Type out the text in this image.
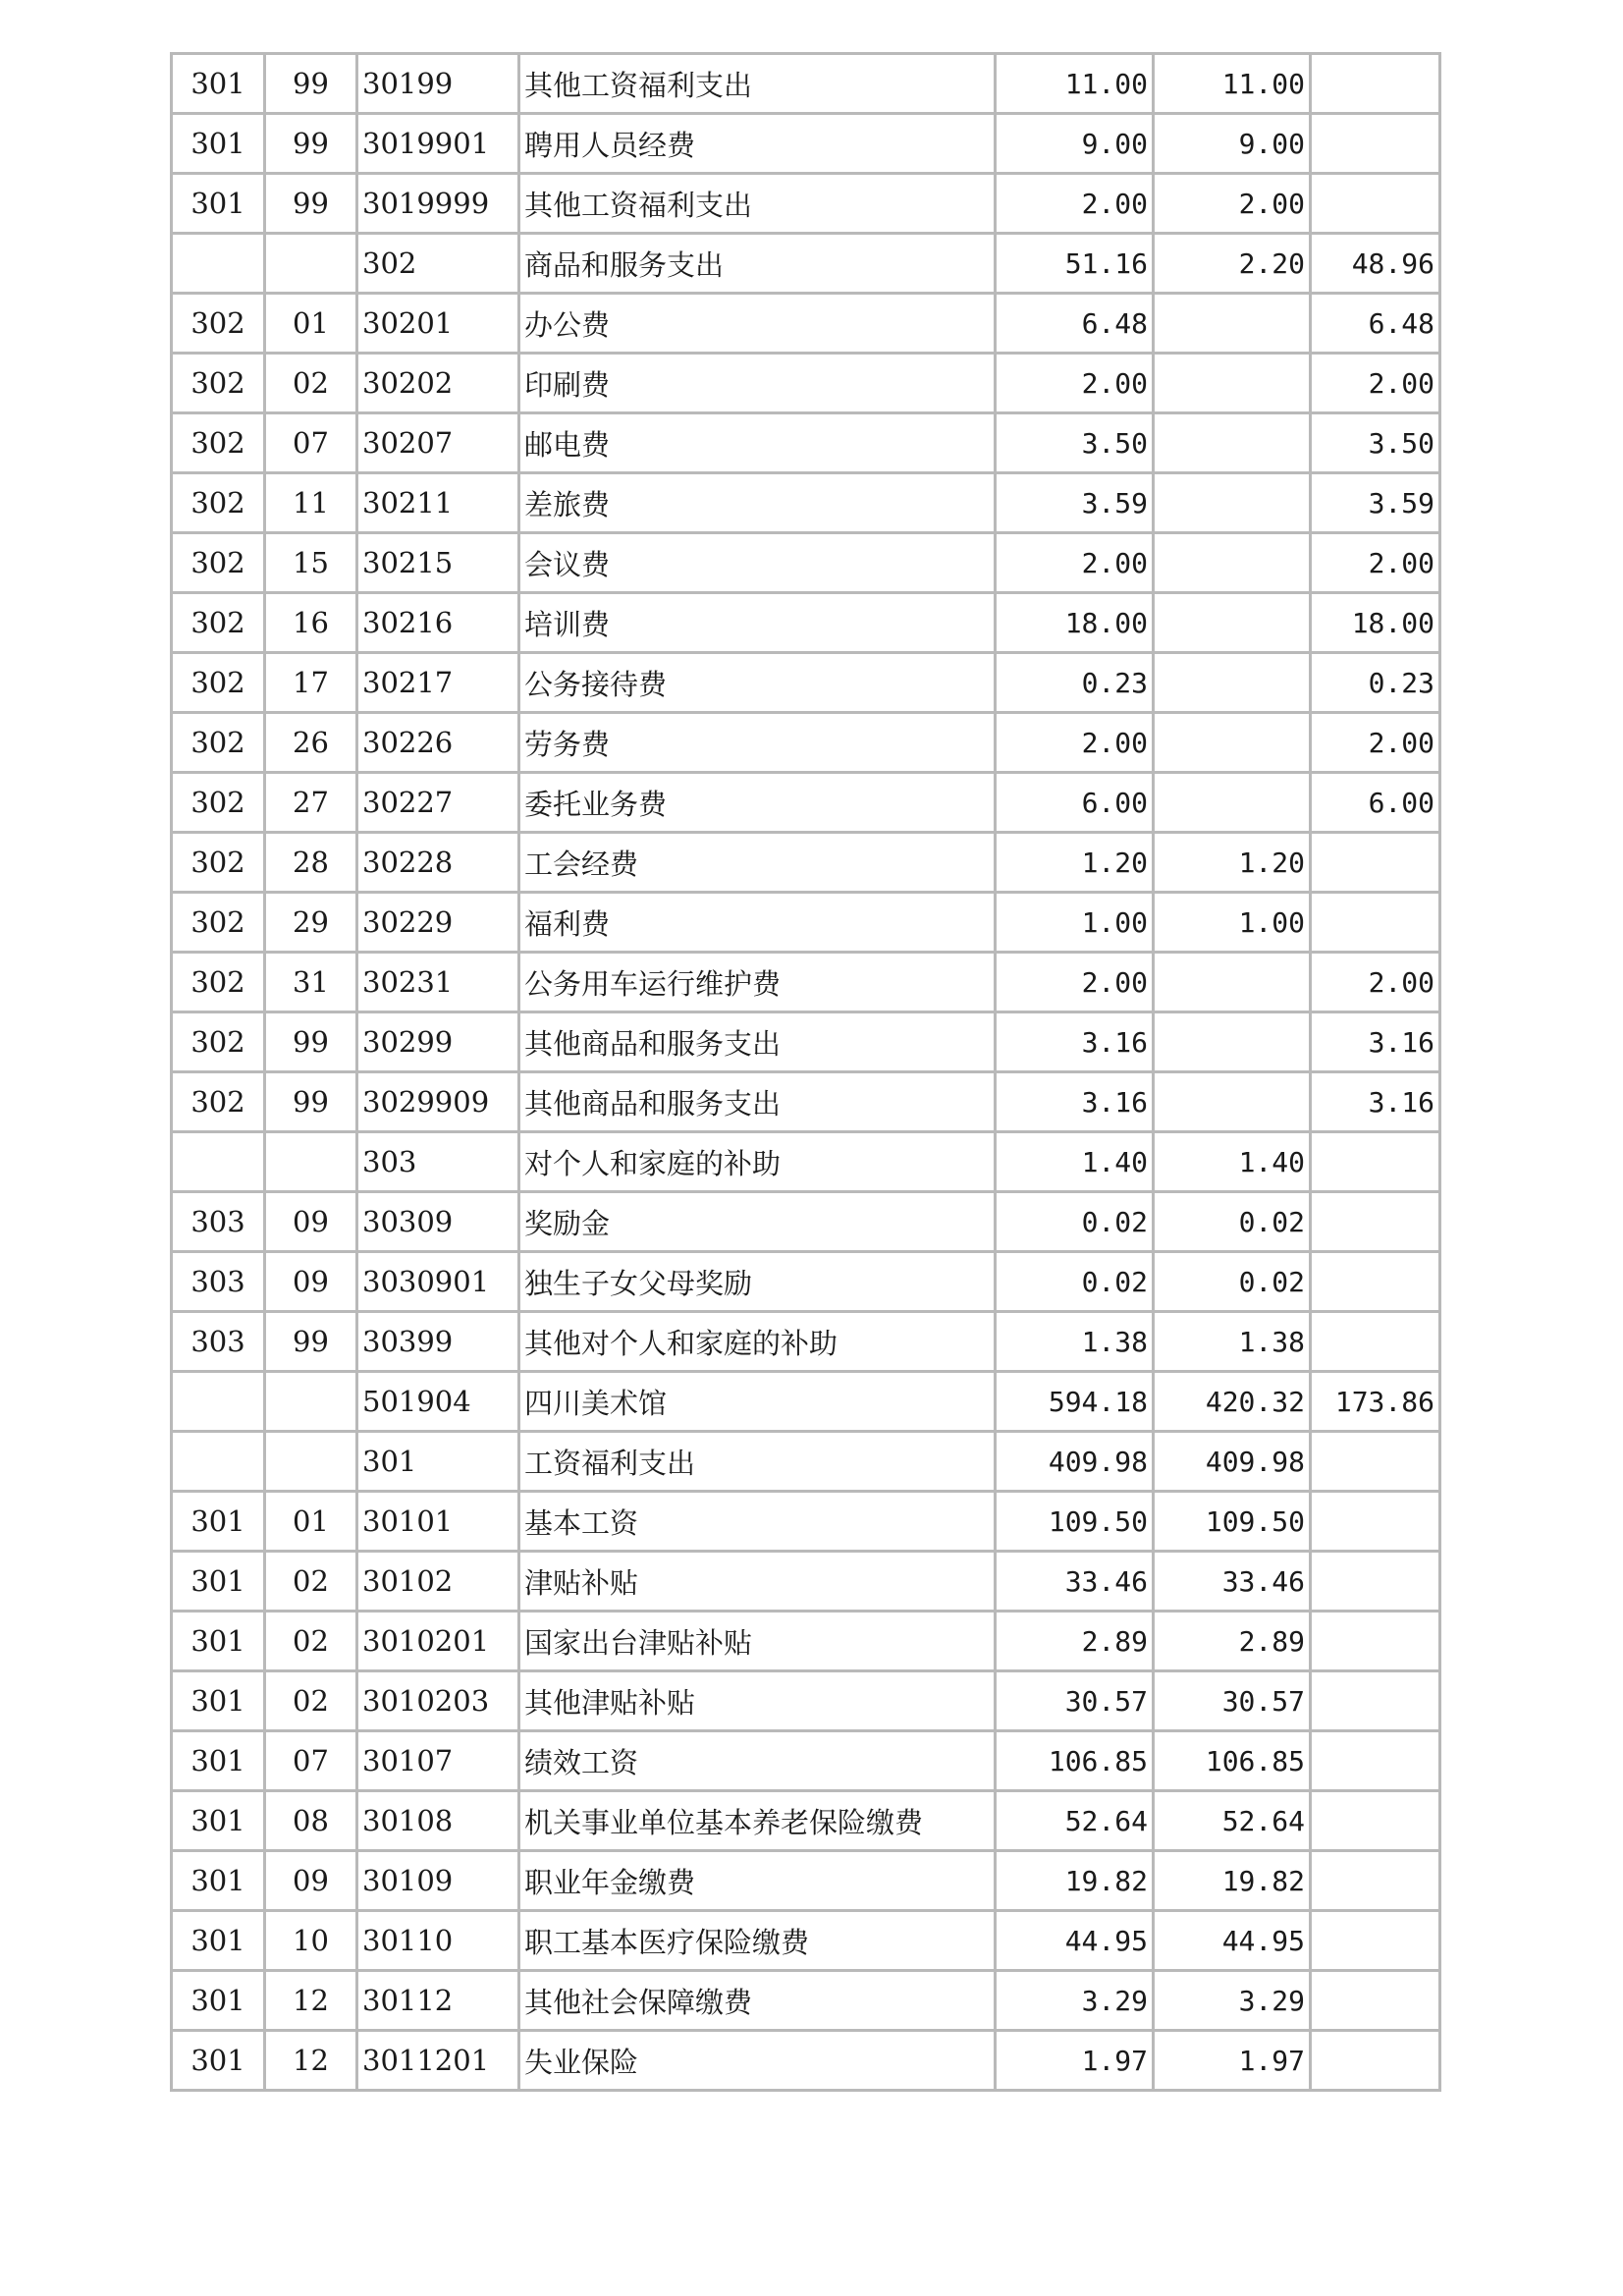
301	99	30199	其他工资福利支出	11.00	11.00	
301	99	3019901	聘用人员经费	9.00	9.00	
301	99	3019999	其他工资福利支出	2.00	2.00	
		302	商品和服务支出	51.16	2.20	48.96
302	01	30201	办公费	6.48		6.48
302	02	30202	印刷费	2.00		2.00
302	07	30207	邮电费	3.50		3.50
302	11	30211	差旅费	3.59		3.59
302	15	30215	会议费	2.00		2.00
302	16	30216	培训费	18.00		18.00
302	17	30217	公务接待费	0.23		0.23
302	26	30226	劳务费	2.00		2.00
302	27	30227	委托业务费	6.00		6.00
302	28	30228	工会经费	1.20	1.20	
302	29	30229	福利费	1.00	1.00	
302	31	30231	公务用车运行维护费	2.00		2.00
302	99	30299	其他商品和服务支出	3.16		3.16
302	99	3029909	其他商品和服务支出	3.16		3.16
		303	对个人和家庭的补助	1.40	1.40	
303	09	30309	奖励金	0.02	0.02	
303	09	3030901	独生子女父母奖励	0.02	0.02	
303	99	30399	其他对个人和家庭的补助	1.38	1.38	
		501904	四川美术馆	594.18	420.32	173.86
		301	工资福利支出	409.98	409.98	
301	01	30101	基本工资	109.50	109.50	
301	02	30102	津贴补贴	33.46	33.46	
301	02	3010201	国家出台津贴补贴	2.89	2.89	
301	02	3010203	其他津贴补贴	30.57	30.57	
301	07	30107	绩效工资	106.85	106.85	
301	08	30108	机关事业单位基本养老保险缴费	52.64	52.64	
301	09	30109	职业年金缴费	19.82	19.82	
301	10	30110	职工基本医疗保险缴费	44.95	44.95	
301	12	30112	其他社会保障缴费	3.29	3.29	
301	12	3011201	失业保险	1.97	1.97	
